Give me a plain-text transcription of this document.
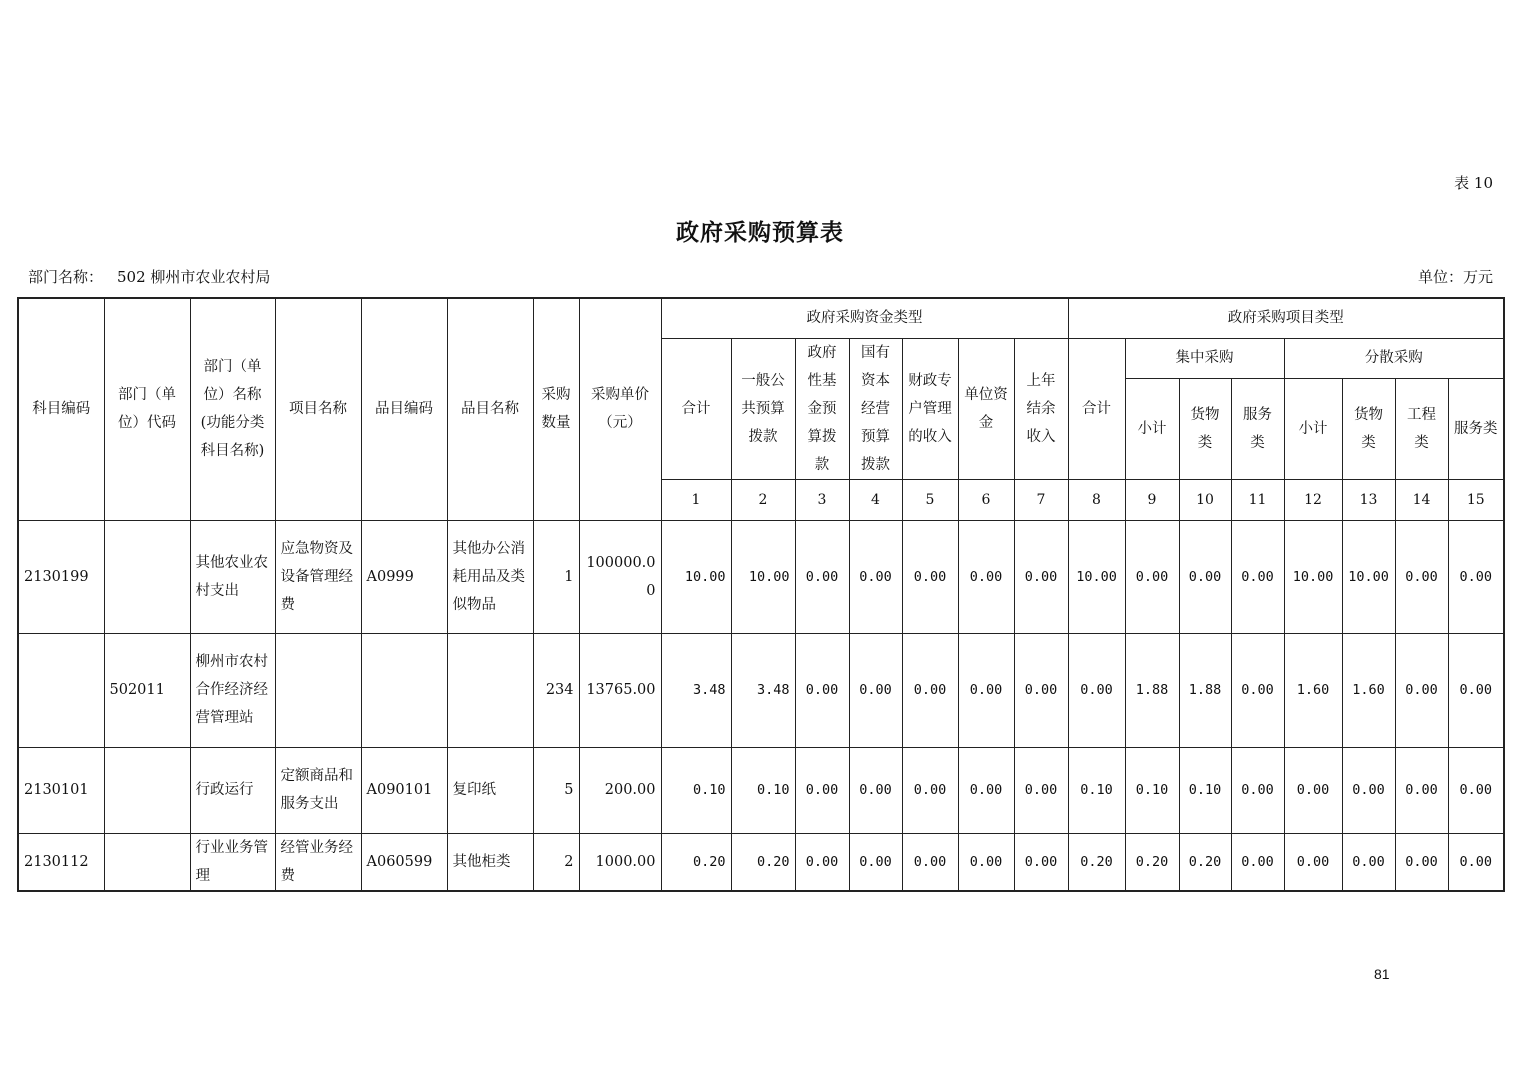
表 10
政府采购预算表
部门名称： 502 柳州市农业农村局	单位：万元
科目编码	部门（单位）代码	部门（单位）名称(功能分类科目名称)	项目名称	品目编码	品目名称	采购数量	采购单价（元）	政府采购资金类型							政府采购项目类型							
								合计	一般公共预算拨款	政府性基金预算拨款	国有资本经营预算拨款	财政专户管理的收入	单位资金	上年结余收入	合计	集中采购			分散采购			
																小计	货物类	服务类	小计	货物类	工程类	服务类
								1	2	3	4	5	6	7	8	9	10	11	12	13	14	15
2130199		其他农业农村支出	应急物资及设备管理经费	A0999	其他办公消耗用品及类似物品	1	100000.00	10.00	10.00	0.00	0.00	0.00	0.00	0.00	10.00	0.00	0.00	0.00	10.00	10.00	0.00	0.00
	502011	柳州市农村合作经济经营管理站				234	13765.00	3.48	3.48	0.00	0.00	0.00	0.00	0.00	0.00	1.88	1.88	0.00	1.60	1.60	0.00	0.00
2130101		行政运行	定额商品和服务支出	A090101	复印纸	5	200.00	0.10	0.10	0.00	0.00	0.00	0.00	0.00	0.10	0.10	0.10	0.00	0.00	0.00	0.00	0.00
2130112		行业业务管理	经管业务经费	A060599	其他柜类	2	1000.00	0.20	0.20	0.00	0.00	0.00	0.00	0.00	0.20	0.20	0.20	0.00	0.00	0.00	0.00	0.00
81
